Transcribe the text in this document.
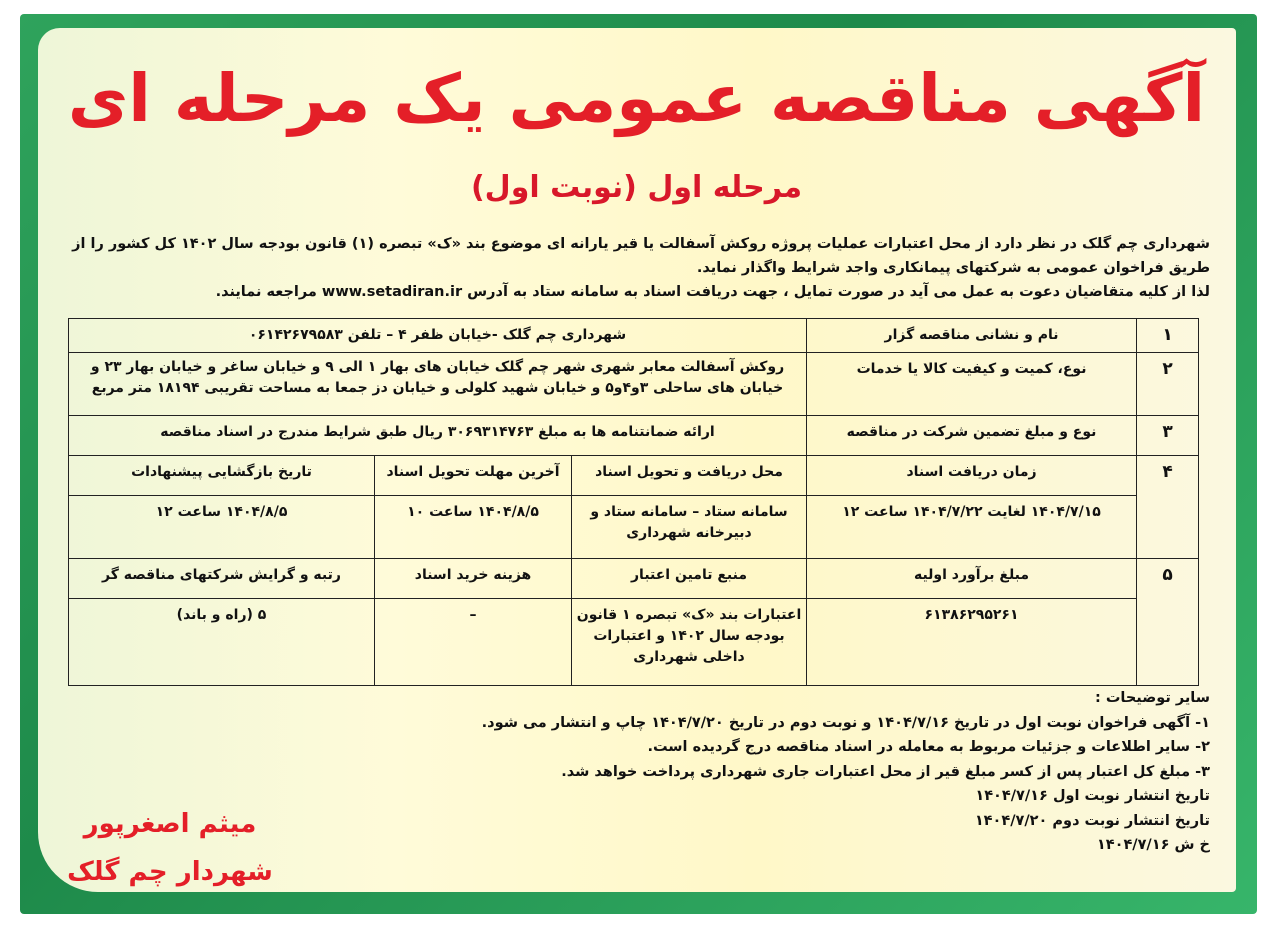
آگهی مناقصه عمومی یک مرحله ای
مرحله اول (نوبت اول)

شهرداری چم گلک در نظر دارد از محل اعتبارات عملیات پروژه روکش آسفالت یا قیر یارانه ای موضوع بند «ک» تبصره (۱) قانون بودجه سال ۱۴۰۲ کل کشور را از طریق فراخوان عمومی به شرکتهای پیمانکاری واجد شرایط واگذار نماید.

لذا از کلیه متقاضیان دعوت به عمل می آید در صورت تمایل ، جهت دریافت اسناد به سامانه ستاد به آدرس www.setadiran.ir مراجعه نمایند.

۱	نام و نشانی مناقصه گزار	شهرداری چم گلک -خیابان ظفر ۴ – تلفن ۰۶۱۴۲۶۷۹۵۸۳		
۲	نوع، کمیت و کیفیت کالا یا خدمات	روکش آسفالت معابر شهری شهر چم گلک خیابان های بهار ۱ الی ۹ و خیابان ساغر و خیابان بهار ۲۳ و خیابان های ساحلی ۳و۴و۵ و خیابان شهید کلولی و خیابان دز جمعا به مساحت تقریبی ۱۸۱۹۴ متر مربع		
۳	نوع و مبلغ تضمین شرکت در مناقصه	ارائه ضمانتنامه ها به مبلغ ۳۰۶۹۳۱۴۷۶۳ ریال طبق شرایط مندرج در اسناد مناقصه		
۴	زمان دریافت اسناد	محل دریافت و تحویل اسناد	آخرین مهلت تحویل اسناد	تاریخ بازگشایی پیشنهادات
	۱۴۰۴/۷/۱۵ لغایت ۱۴۰۴/۷/۲۲ ساعت ۱۲	سامانه ستاد – سامانه ستاد و دبیرخانه شهرداری	۱۴۰۴/۸/۵ ساعت ۱۰	۱۴۰۴/۸/۵ ساعت ۱۲
۵	مبلغ برآورد اولیه	منبع تامین اعتبار	هزینه خرید اسناد	رتبه و گرایش شرکتهای مناقصه گر
	۶۱۳۸۶۲۹۵۲۶۱	اعتبارات بند «ک» تبصره ۱ قانون بودجه سال ۱۴۰۲ و اعتبارات داخلی شهرداری	–	۵ (راه و باند)
سایر توضیحات :
۱- آگهی فراخوان نوبت اول در تاریخ ۱۴۰۴/۷/۱۶ و نوبت دوم در تاریخ ۱۴۰۴/۷/۲۰ چاپ و انتشار می شود.
۲- سایر اطلاعات و جزئیات مربوط به معامله در اسناد مناقصه درج گردیده است.
۳- مبلغ کل اعتبار پس از کسر مبلغ قیر از محل اعتبارات جاری شهرداری پرداخت خواهد شد.
تاریخ انتشار نوبت اول ۱۴۰۴/۷/۱۶
تاریخ انتشار نوبت دوم ۱۴۰۴/۷/۲۰
خ ش ۱۴۰۴/۷/۱۶
میثم اصغرپور
شهردار چم گلک
